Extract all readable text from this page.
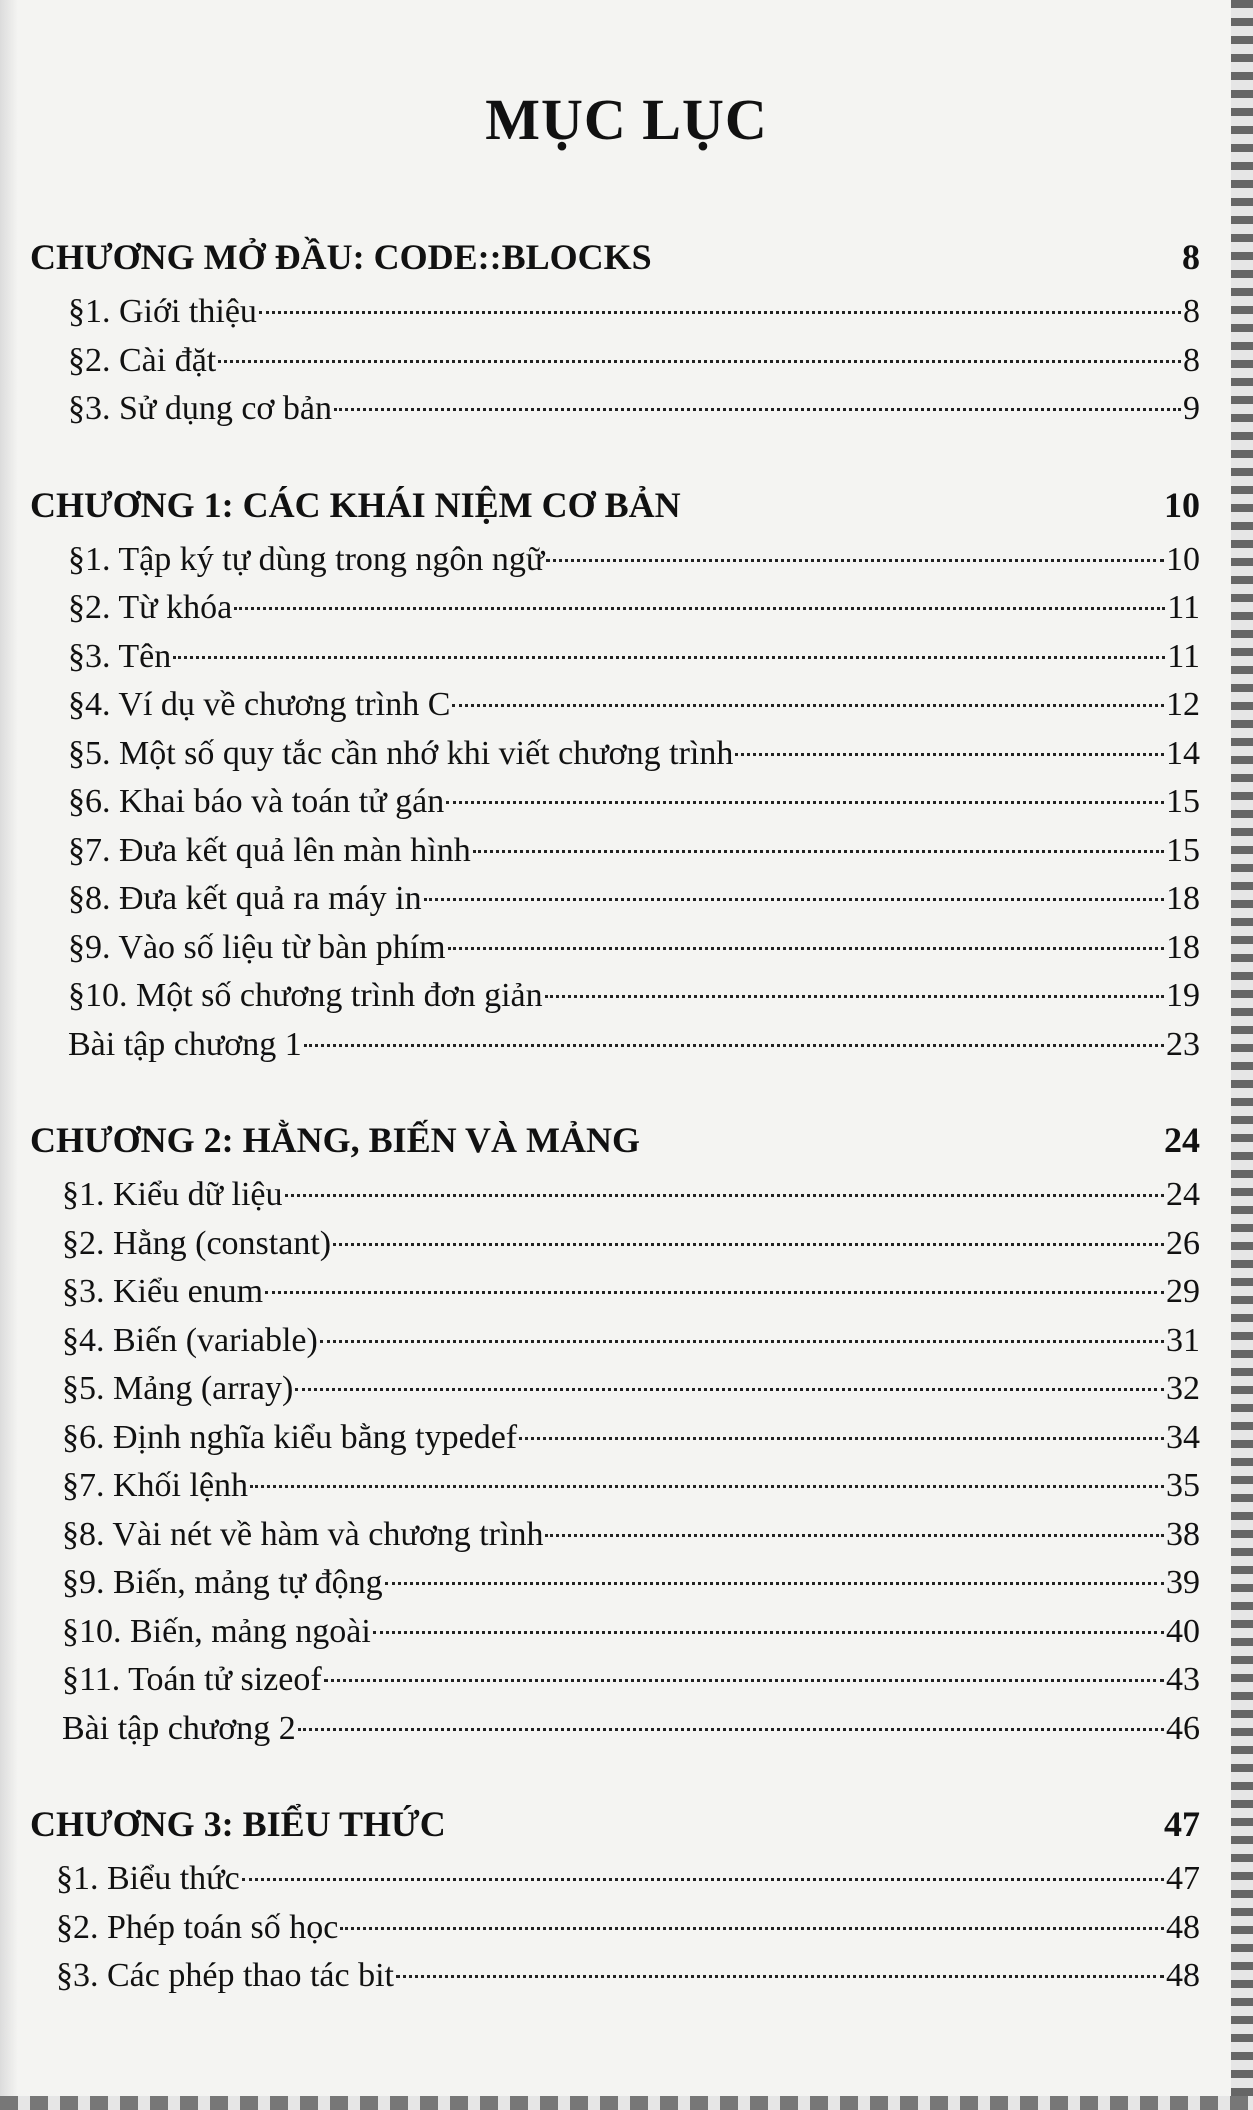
MỤC LỤC
CHƯƠNG MỞ ĐẦU: CODE::BLOCKS	8
§1. Giới thiệu	8
§2. Cài đặt	8
§3. Sử dụng cơ bản	9
CHƯƠNG 1: CÁC KHÁI NIỆM CƠ BẢN	10
§1. Tập ký tự dùng trong ngôn ngữ	10
§2. Từ khóa	11
§3. Tên	11
§4. Ví dụ về chương trình C	12
§5. Một số quy tắc cần nhớ khi viết chương trình	14
§6. Khai báo và toán tử gán	15
§7. Đưa kết quả lên màn hình	15
§8. Đưa kết quả ra máy in	18
§9. Vào số liệu từ bàn phím	18
§10. Một số chương trình đơn giản	19
Bài tập chương 1	23
CHƯƠNG 2: HẰNG, BIẾN VÀ MẢNG	24
§1. Kiểu dữ liệu	24
§2. Hằng (constant)	26
§3. Kiểu enum	29
§4. Biến (variable)	31
§5. Mảng (array)	32
§6. Định nghĩa kiểu bằng typedef	34
§7. Khối lệnh	35
§8. Vài nét về hàm và chương trình	38
§9. Biến, mảng tự động	39
§10. Biến, mảng ngoài	40
§11. Toán tử sizeof	43
Bài tập chương 2	46
CHƯƠNG 3: BIỂU THỨC	47
§1. Biểu thức	47
§2. Phép toán số học	48
§3. Các phép thao tác bit	48
